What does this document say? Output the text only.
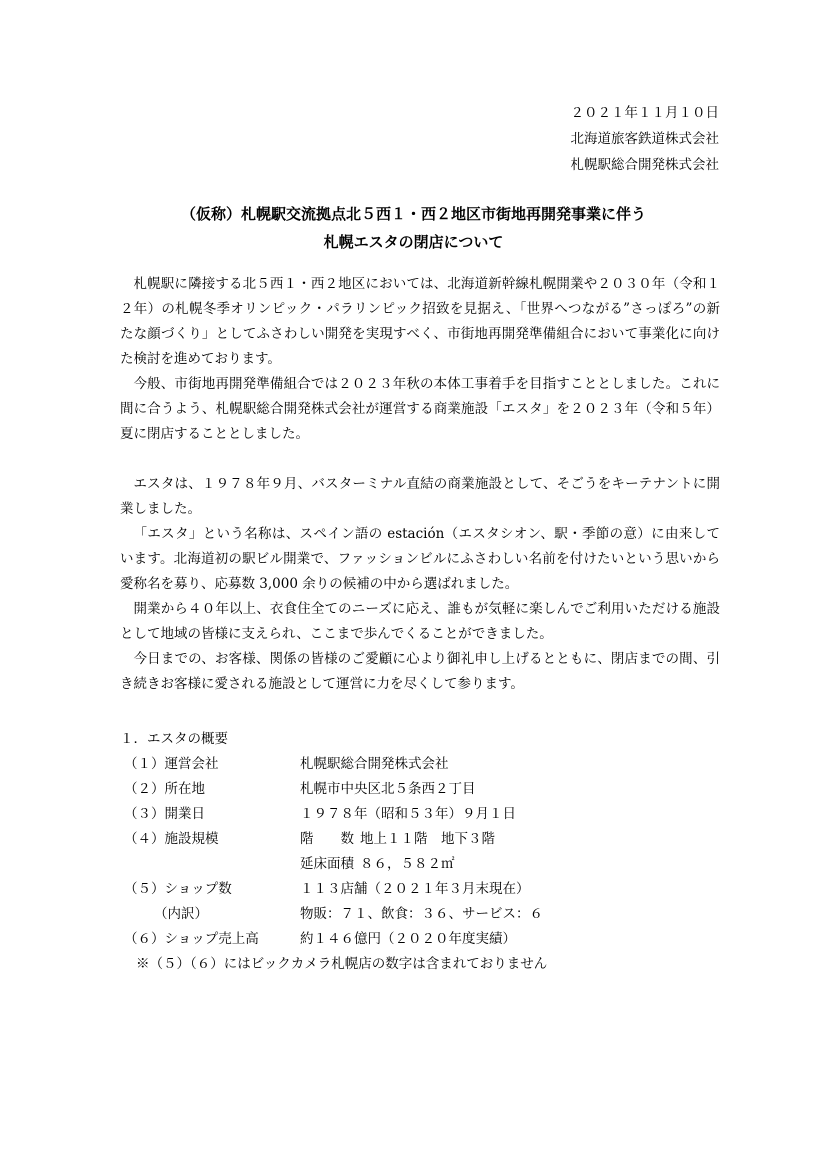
２０２１年１１月１０日
北海道旅客鉄道株式会社
札幌駅総合開発株式会社
（仮称）札幌駅交流拠点北５西１・西２地区市街地再開発事業に伴う
札幌エスタの閉店について

札幌駅に隣接する北５西１・西２地区においては、北海道新幹線札幌開業や２０３０年（令和１２年）の札幌冬季オリンピック・パラリンピック招致を見据え、「世界へつながる”さっぽろ”の新たな顔づくり」としてふさわしい開発を実現すべく、市街地再開発準備組合において事業化に向けた検討を進めております。

今般、市街地再開発準備組合では２０２３年秋の本体工事着手を目指すこととしました。これに間に合うよう、札幌駅総合開発株式会社が運営する商業施設「エスタ」を２０２３年（令和５年）夏に閉店することとしました。

エスタは、１９７８年９月、バスターミナル直結の商業施設として、そごうをキーテナントに開業しました。

「エスタ」という名称は、スペイン語の estación（エスタシオン、駅・季節の意）に由来しています。北海道初の駅ビル開業で、ファッションビルにふさわしい名前を付けたいという思いから愛称名を募り、応募数 3,000 余りの候補の中から選ばれました。

開業から４０年以上、衣食住全てのニーズに応え、誰もが気軽に楽しんでご利用いただける施設として地域の皆様に支えられ、ここまで歩んでくることができました。

今日までの、お客様、関係の皆様のご愛顧に心より御礼申し上げるとともに、閉店までの間、引き続きお客様に愛される施設として運営に力を尽くして参ります。

１．エスタの概要
（１）運営会社	札幌駅総合開発株式会社
（２）所在地	札幌市中央区北５条西２丁目
（３）開業日	１９７８年（昭和５３年）９月１日
（４）施設規模	階　　数 地上１１階　地下３階
延床面積 ８６，５８２㎡
（５）ショップ数	１１３店舗（２０２１年３月末現在）
（内訳）	物販：７１、飲食：３６、サービス：６
（６）ショップ売上高	約１４６億円（２０２０年度実績）
※（５）（６）にはビックカメラ札幌店の数字は含まれておりません
